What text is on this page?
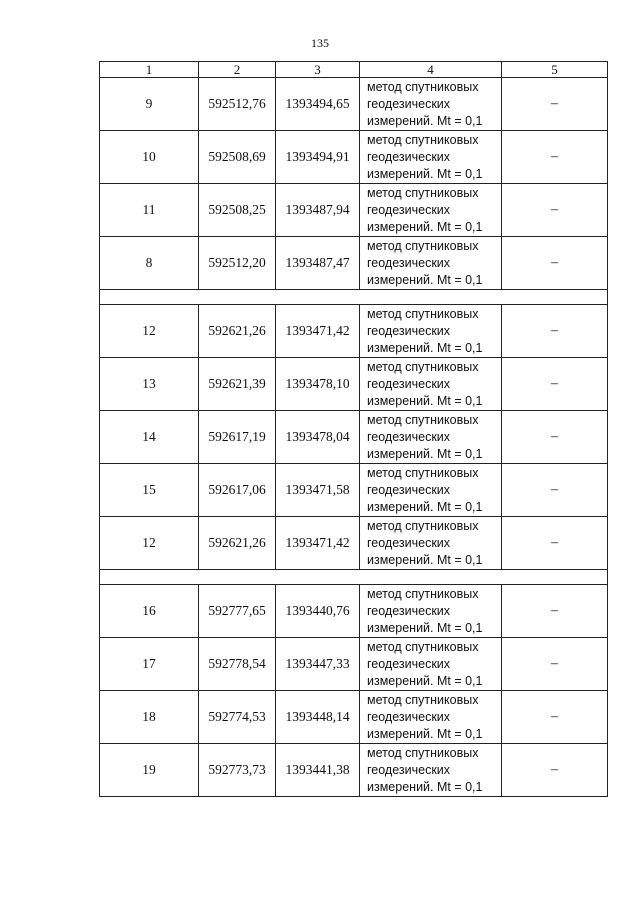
135
1	2	3	4	5
9	592512,76	1393494,65	метод спутниковых
геодезических
измерений. Mt = 0,1	–
10	592508,69	1393494,91	метод спутниковых
геодезических
измерений. Mt = 0,1	–
11	592508,25	1393487,94	метод спутниковых
геодезических
измерений. Mt = 0,1	–
8	592512,20	1393487,47	метод спутниковых
геодезических
измерений. Mt = 0,1	–

12	592621,26	1393471,42	метод спутниковых
геодезических
измерений. Mt = 0,1	–
13	592621,39	1393478,10	метод спутниковых
геодезических
измерений. Mt = 0,1	–
14	592617,19	1393478,04	метод спутниковых
геодезических
измерений. Mt = 0,1	–
15	592617,06	1393471,58	метод спутниковых
геодезических
измерений. Mt = 0,1	–
12	592621,26	1393471,42	метод спутниковых
геодезических
измерений. Mt = 0,1	–

16	592777,65	1393440,76	метод спутниковых
геодезических
измерений. Mt = 0,1	–
17	592778,54	1393447,33	метод спутниковых
геодезических
измерений. Mt = 0,1	–
18	592774,53	1393448,14	метод спутниковых
геодезических
измерений. Mt = 0,1	–
19	592773,73	1393441,38	метод спутниковых
геодезических
измерений. Mt = 0,1	–
